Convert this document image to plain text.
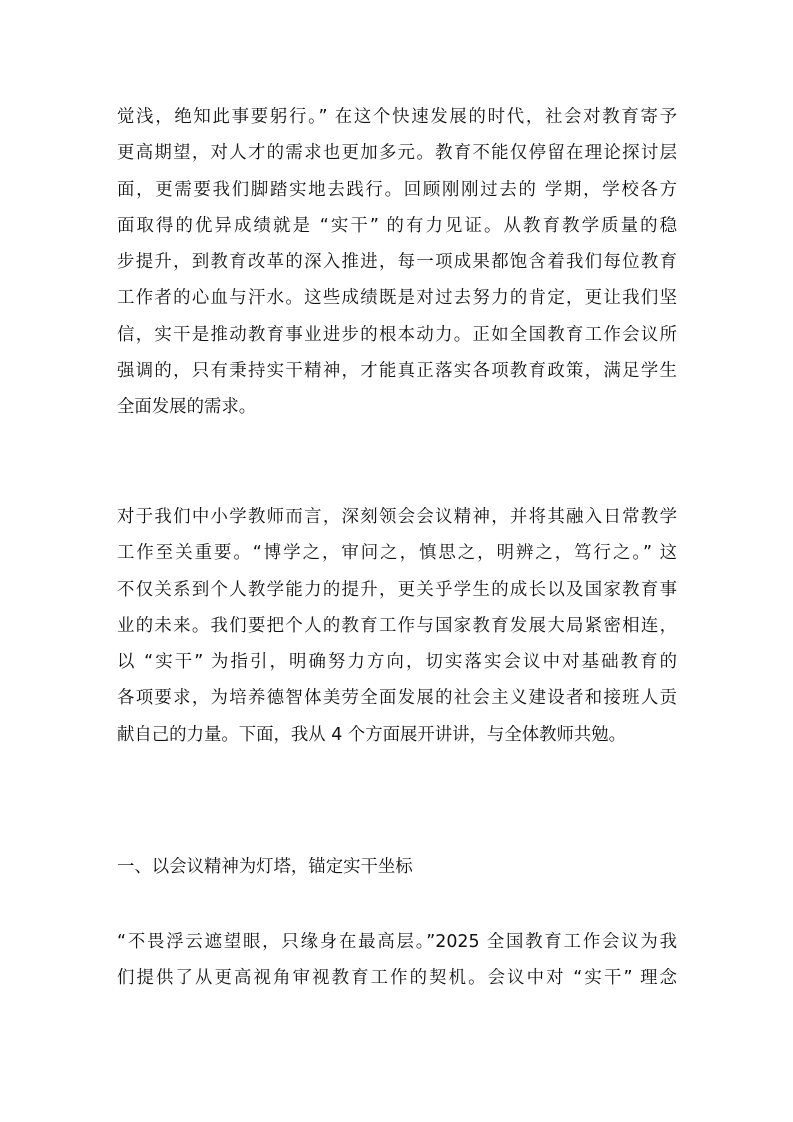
觉浅，绝知此事要躬行。” 在这个快速发展的时代，社会对教育寄予
更高期望，对人才的需求也更加多元。教育不能仅停留在理论探讨层
面，更需要我们脚踏实地去践行。回顾刚刚过去的 学期，学校各方
面取得的优异成绩就是 “实干” 的有力见证。从教育教学质量的稳
步提升，到教育改革的深入推进，每一项成果都饱含着我们每位教育
工作者的心血与汗水。这些成绩既是对过去努力的肯定，更让我们坚
信，实干是推动教育事业进步的根本动力。正如全国教育工作会议所
强调的，只有秉持实干精神，才能真正落实各项教育政策，满足学生
全面发展的需求。
对于我们中小学教师而言，深刻领会会议精神，并将其融入日常教学
工作至关重要。“博学之，审问之，慎思之，明辨之，笃行之。” 这
不仅关系到个人教学能力的提升，更关乎学生的成长以及国家教育事
业的未来。我们要把个人的教育工作与国家教育发展大局紧密相连，
以 “实干” 为指引，明确努力方向，切实落实会议中对基础教育的
各项要求，为培养德智体美劳全面发展的社会主义建设者和接班人贡
献自己的力量。下面，我从 4 个方面展开讲讲，与全体教师共勉。
一、以会议精神为灯塔，锚定实干坐标
“不畏浮云遮望眼，只缘身在最高层。”2025 全国教育工作会议为我
们提供了从更高视角审视教育工作的契机。会议中对 “实干” 理念
